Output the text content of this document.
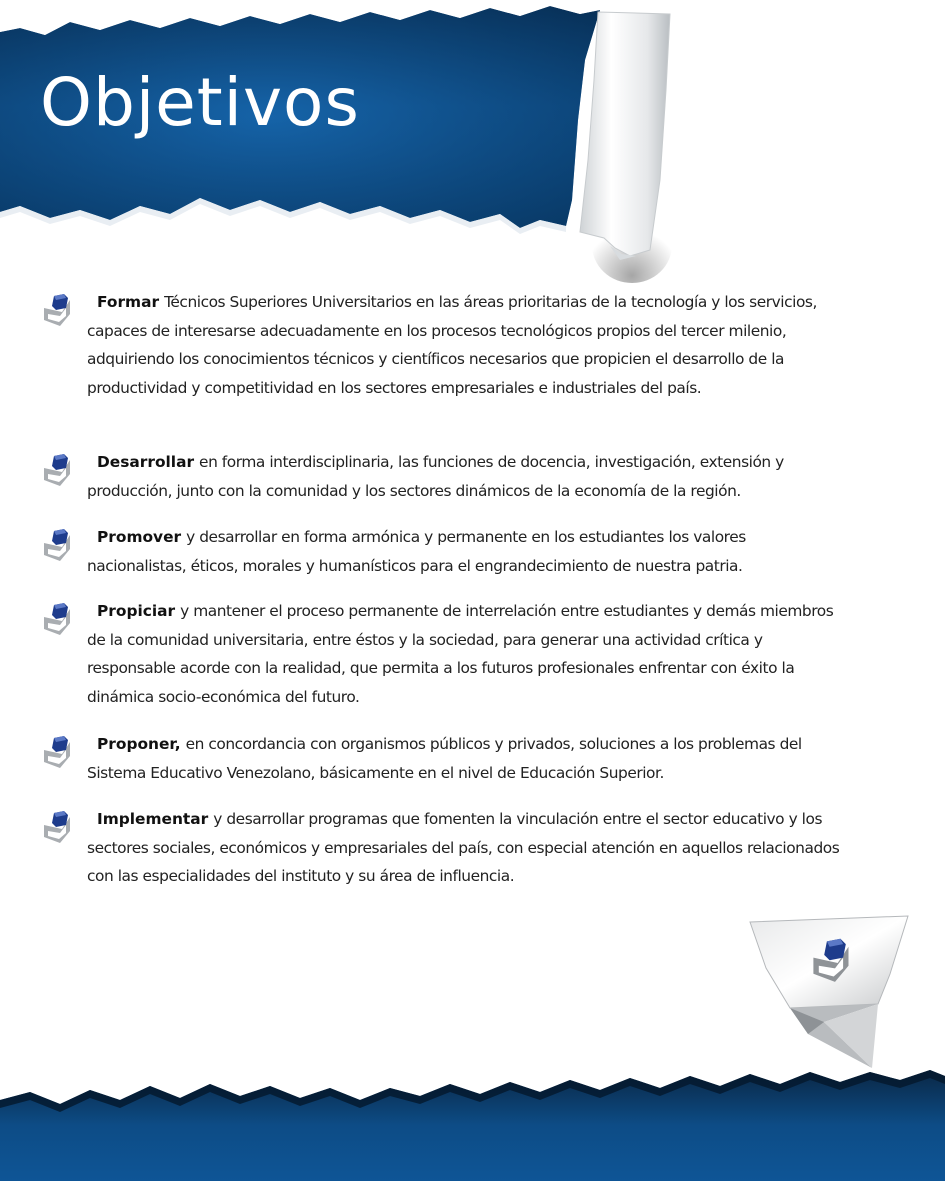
Objetivos

Formar Técnicos Superiores Universitarios en las áreas prioritarias de la tecnología y los servicios, capaces de interesarse adecuadamente en los procesos tecnológicos propios del tercer milenio, adquiriendo los conocimientos técnicos y científicos necesarios que propicien el desarrollo de la productividad y competitividad en los sectores empresariales e industriales del país.

Desarrollar en forma interdisciplinaria, las funciones de docencia, investigación, extensión y producción, junto con la comunidad y los sectores dinámicos de la economía de la región.

Promover y desarrollar en forma armónica y permanente en los estudiantes los valores nacionalistas, éticos, morales y humanísticos para el engrandecimiento de nuestra patria.

Propiciar y mantener el proceso permanente de interrelación entre estudiantes y demás miembros de la comunidad universitaria, entre éstos y la sociedad, para generar una actividad crítica y responsable acorde con la realidad, que permita a los futuros profesionales enfrentar con éxito la dinámica socio-económica del futuro.

Proponer, en concordancia con organismos públicos y privados, soluciones a los problemas del Sistema Educativo Venezolano, básicamente en el nivel de Educación Superior.

Implementar y desarrollar programas que fomenten la vinculación entre el sector educativo y los sectores sociales, económicos y empresariales del país, con especial atención en aquellos relacionados con las especialidades del instituto y su área de influencia.
